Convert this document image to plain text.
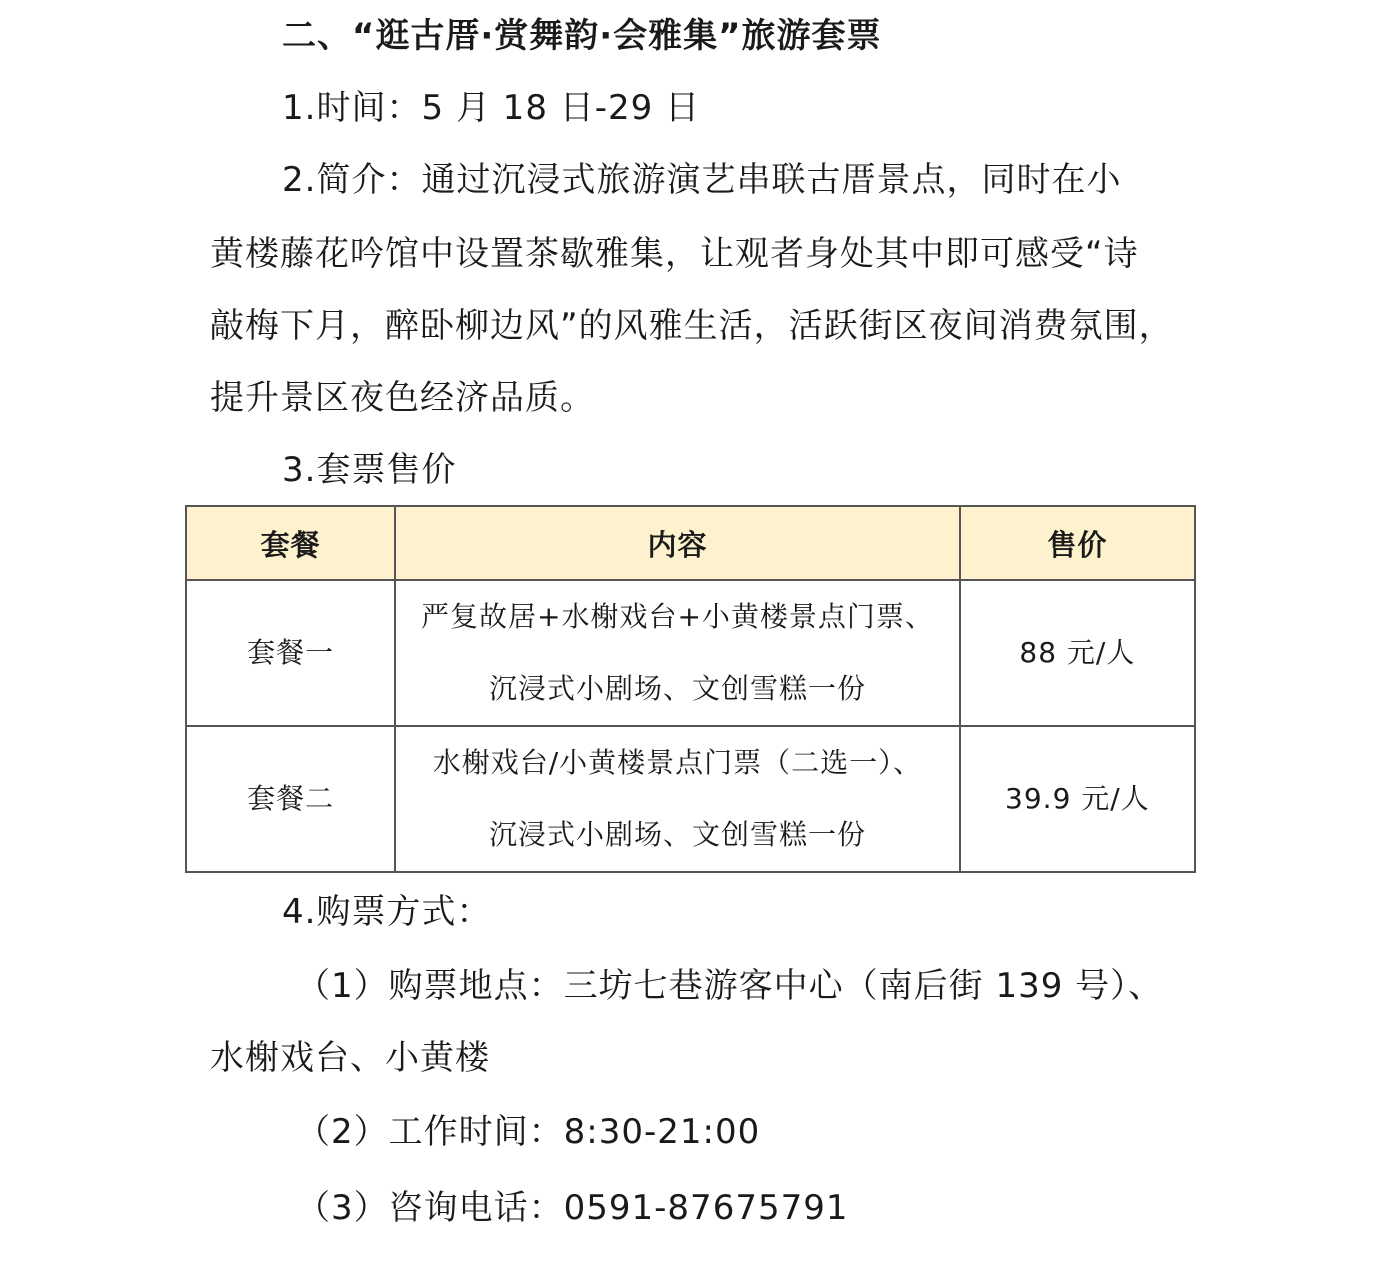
二、“逛古厝·赏舞韵·会雅集”旅游套票
1.时间：5 月 18 日-29 日
2.简介：通过沉浸式旅游演艺串联古厝景点，同时在小
黄楼藤花吟馆中设置茶歇雅集，让观者身处其中即可感受“诗
敲梅下月，醉卧柳边风”的风雅生活，活跃街区夜间消费氛围，
提升景区夜色经济品质。
3.套票售价
套餐	内容	售价
套餐一	严复故居+水榭戏台+小黄楼景点门票、
沉浸式小剧场、文创雪糕一份	88 元/人
套餐二	水榭戏台/小黄楼景点门票（二选一）、
沉浸式小剧场、文创雪糕一份	39.9 元/人
4.购票方式：
（1）购票地点：三坊七巷游客中心（南后街 139 号）、
水榭戏台、小黄楼
（2）工作时间：8:30-21:00
（3）咨询电话：0591-87675791
